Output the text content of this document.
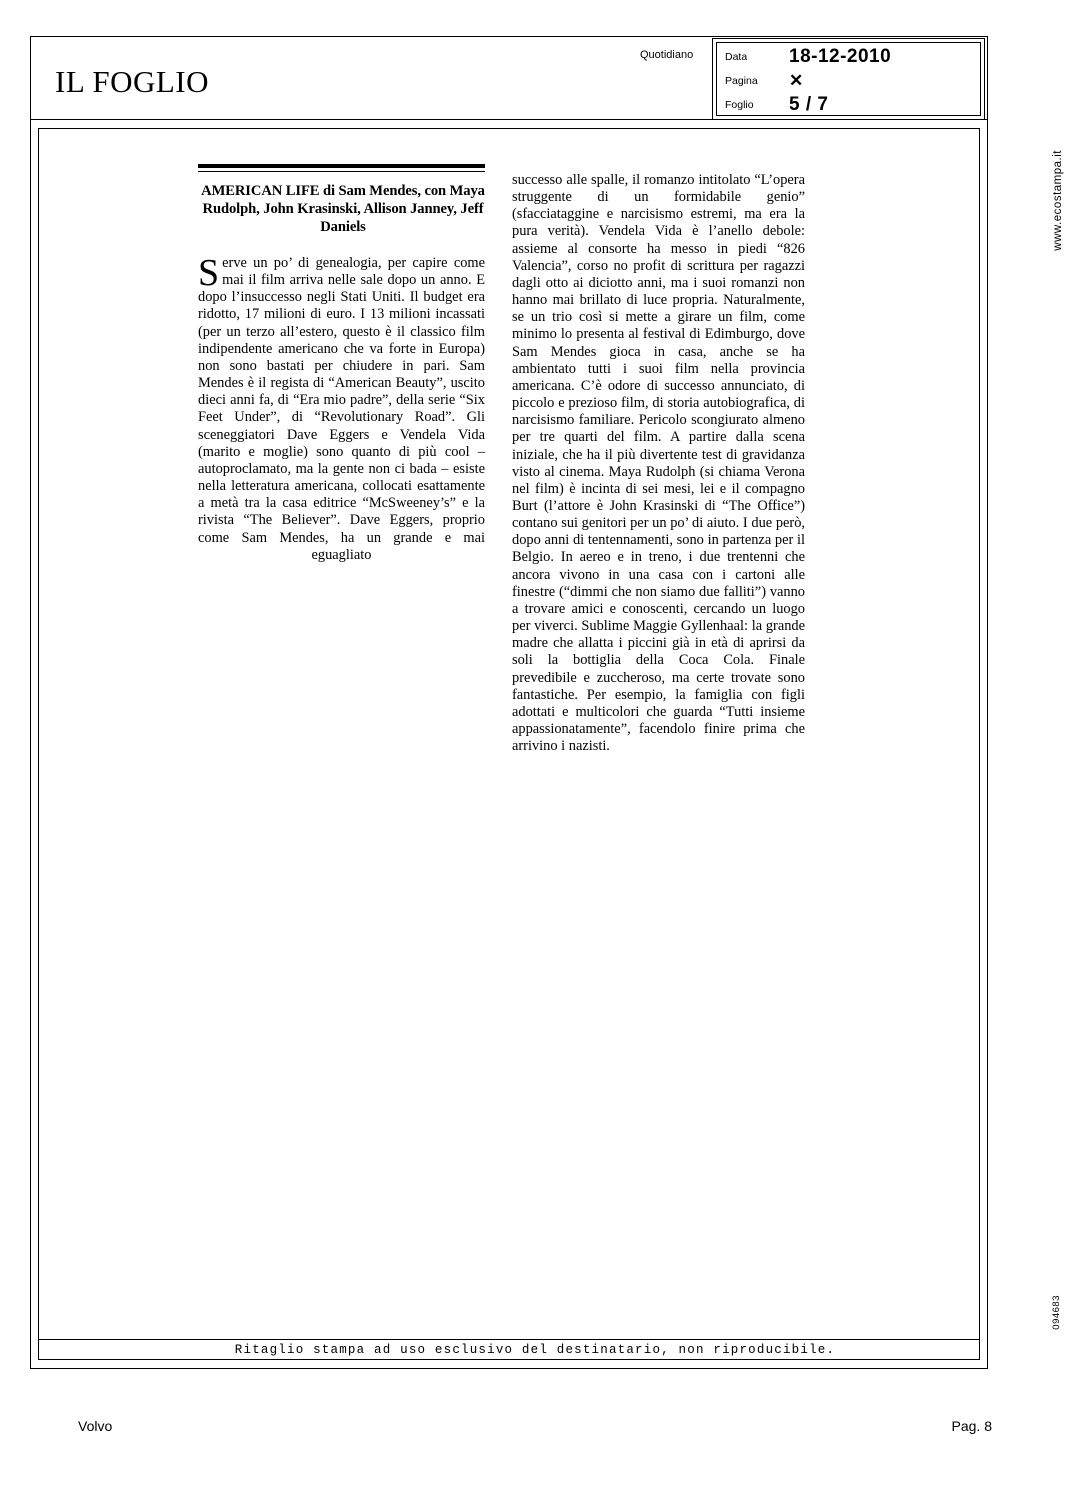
IL FOGLIO
Quotidiano	Data 18-12-2010
Pagina ✕
Foglio 5 / 7
www.ecostampa.it
094683
AMERICAN LIFE di Sam Mendes, con Maya Rudolph, John Krasinski, Allison Janney, Jeff Daniels

Serve un po’ di genealogia, per capire come mai il film arriva nelle sale dopo un anno. E dopo l’insuccesso negli Stati Uniti. Il budget era ridotto, 17 milioni di euro. I 13 milioni incassati (per un terzo all’estero, questo è il classico film indipendente americano che va forte in Europa) non sono bastati per chiudere in pari. Sam Mendes è il regista di “American Beauty”, uscito dieci anni fa, di “Era mio padre”, della serie “Six Feet Under”, di “Revolutionary Road”. Gli sceneggiatori Dave Eggers e Vendela Vida (marito e moglie) sono quanto di più cool – autoproclamato, ma la gente non ci bada – esiste nella letteratura americana, collocati esattamente a metà tra la casa editrice “McSweeney’s” e la rivista “The Believer”. Dave Eggers, proprio come Sam Mendes, ha un grande e mai eguagliato

successo alle spalle, il romanzo intitolato “L’opera struggente di un formidabile genio” (sfacciataggine e narcisismo estremi, ma era la pura verità). Vendela Vida è l’anello debole: assieme al consorte ha messo in piedi “826 Valencia”, corso no profit di scrittura per ragazzi dagli otto ai diciotto anni, ma i suoi romanzi non hanno mai brillato di luce propria. Naturalmente, se un trio così si mette a girare un film, come minimo lo presenta al festival di Edimburgo, dove Sam Mendes gioca in casa, anche se ha ambientato tutti i suoi film nella provincia americana. C’è odore di successo annunciato, di piccolo e prezioso film, di storia autobiografica, di narcisismo familiare. Pericolo scongiurato almeno per tre quarti del film. A partire dalla scena iniziale, che ha il più divertente test di gravidanza visto al cinema. Maya Rudolph (si chiama Verona nel film) è incinta di sei mesi, lei e il compagno Burt (l’attore è John Krasinski di “The Office”) contano sui genitori per un po’ di aiuto. I due però, dopo anni di tentennamenti, sono in partenza per il Belgio. In aereo e in treno, i due trentenni che ancora vivono in una casa con i cartoni alle finestre (“dimmi che non siamo due falliti”) vanno a trovare amici e conoscenti, cercando un luogo per viverci. Sublime Maggie Gyllenhaal: la grande madre che allatta i piccini già in età di aprirsi da soli la bottiglia della Coca Cola. Finale prevedibile e zuccheroso, ma certe trovate sono fantastiche. Per esempio, la famiglia con figli adottati e multicolori che guarda “Tutti insieme appassionatamente”, facendolo finire prima che arrivino i nazisti.

Ritaglio stampa ad uso esclusivo del destinatario, non riproducibile.
Volvo	Pag. 8
